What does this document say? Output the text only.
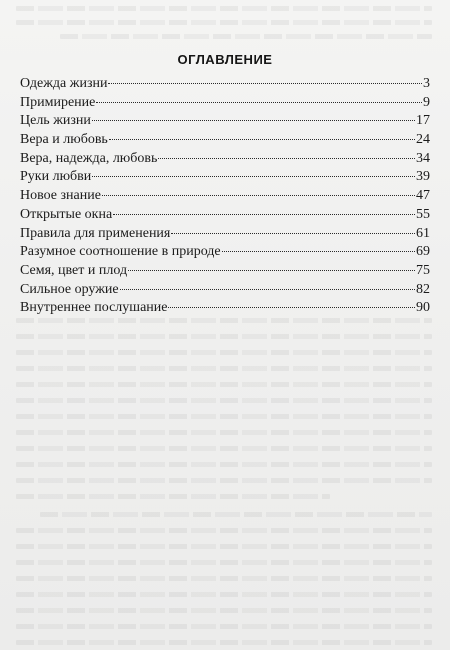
ОГЛАВЛЕНИЕ
Одежда жизни	3
Примирение	9
Цель жизни	17
Вера и любовь	24
Вера, надежда, любовь	34
Руки любви	39
Новое знание	47
Открытые окна	55
Правила для применения	61
Разумное соотношение в природе	69
Семя, цвет и плод	75
Сильное оружие	82
Внутреннее послушание	90
